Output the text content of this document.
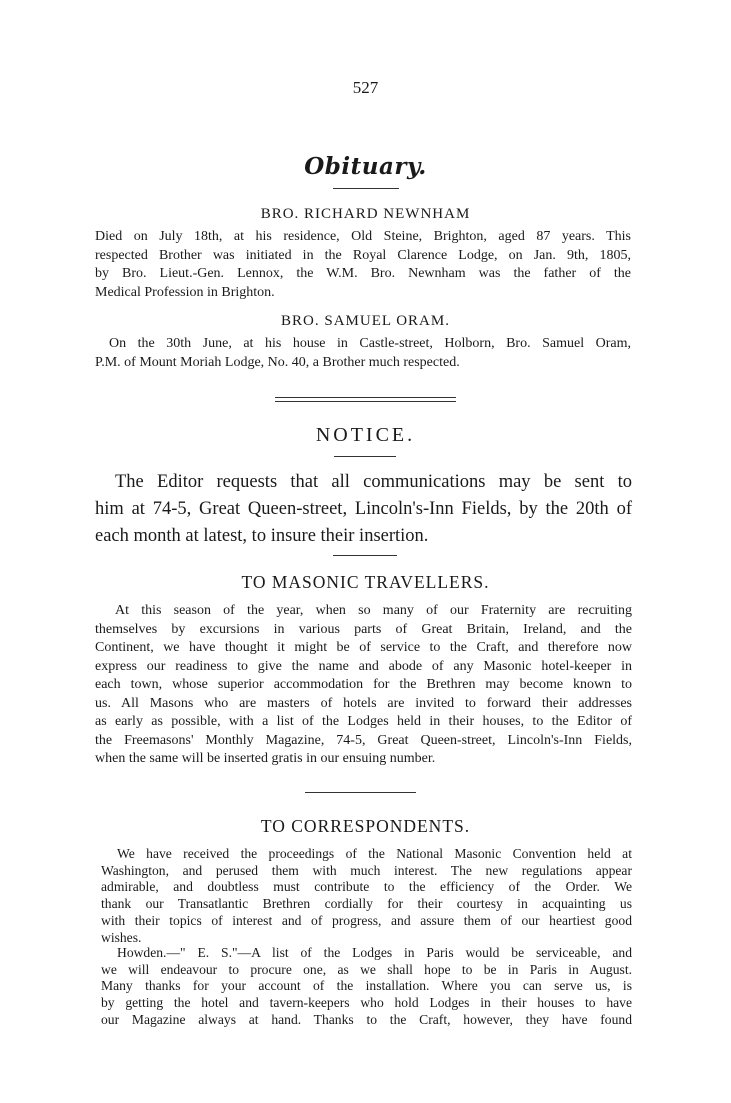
527
Obituary.
BRO. RICHARD NEWNHAM
Died on July 18th, at his residence, Old Steine, Brighton, aged 87 years. This
respected Brother was initiated in the Royal Clarence Lodge, on Jan. 9th, 1805,
by Bro. Lieut.-Gen. Lennox, the W.M. Bro. Newnham was the father of the
Medical Profession in Brighton.
BRO. SAMUEL ORAM.
On the 30th June, at his house in Castle-street, Holborn, Bro. Samuel Oram,
P.M. of Mount Moriah Lodge, No. 40, a Brother much respected.
NOTICE.
The Editor requests that all communications may be sent to
him at 74-5, Great Queen-street, Lincoln's-Inn Fields, by the 20th of
each month at latest, to insure their insertion.
TO MASONIC TRAVELLERS.
At this season of the year, when so many of our Fraternity are recruiting
themselves by excursions in various parts of Great Britain, Ireland, and the
Continent, we have thought it might be of service to the Craft, and therefore now
express our readiness to give the name and abode of any Masonic hotel-keeper in
each town, whose superior accommodation for the Brethren may become known to
us. All Masons who are masters of hotels are invited to forward their addresses
as early as possible, with a list of the Lodges held in their houses, to the Editor of
the Freemasons' Monthly Magazine, 74-5, Great Queen-street, Lincoln's-Inn Fields,
when the same will be inserted gratis in our ensuing number.
TO CORRESPONDENTS.
We have received the proceedings of the National Masonic Convention held at
Washington, and perused them with much interest. The new regulations appear
admirable, and doubtless must contribute to the efficiency of the Order. We
thank our Transatlantic Brethren cordially for their courtesy in acquainting us
with their topics of interest and of progress, and assure them of our heartiest good
wishes.
Howden.—" E. S."—A list of the Lodges in Paris would be serviceable, and
we will endeavour to procure one, as we shall hope to be in Paris in August.
Many thanks for your account of the installation. Where you can serve us, is
by getting the hotel and tavern-keepers who hold Lodges in their houses to have
our Magazine always at hand. Thanks to the Craft, however, they have found
